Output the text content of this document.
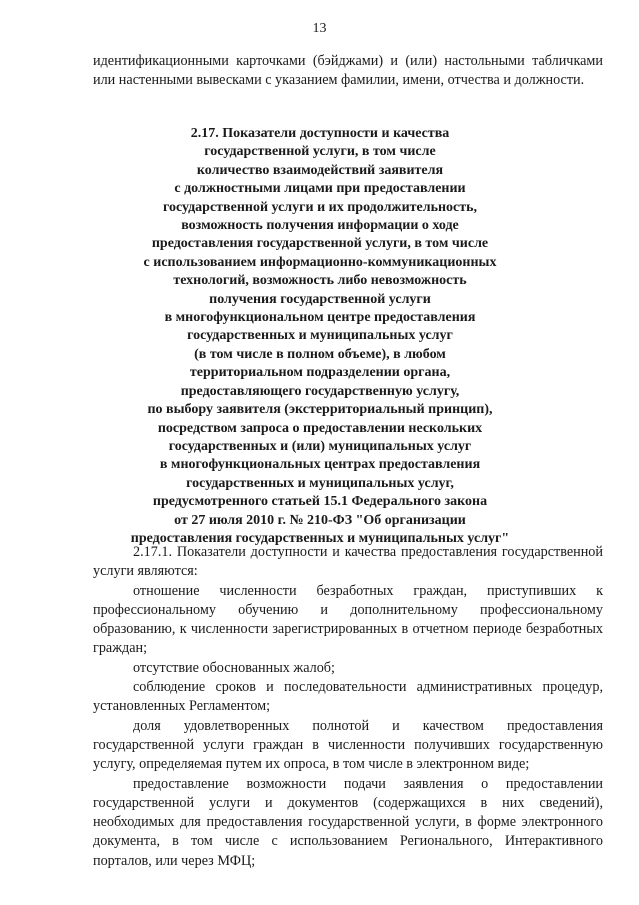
13
идентификационными карточками (бэйджами) и (или) настольными табличками или настенными вывесками с указанием фамилии, имени, отчества и должности.
2.17. Показатели доступности и качества
государственной услуги, в том числе
количество взаимодействий заявителя
с должностными лицами при предоставлении
государственной услуги и их продолжительность,
возможность получения информации о ходе
предоставления государственной услуги, в том числе
с использованием информационно-коммуникационных
технологий, возможность либо невозможность
получения государственной услуги
в многофункциональном центре предоставления
государственных и муниципальных услуг
(в том числе в полном объеме), в любом
территориальном подразделении органа,
предоставляющего государственную услугу,
по выбору заявителя (экстерриториальный принцип),
посредством запроса о предоставлении нескольких
государственных и (или) муниципальных услуг
в многофункциональных центрах предоставления
государственных и муниципальных услуг,
предусмотренного статьей 15.1 Федерального закона
от 27 июля 2010 г. № 210-ФЗ "Об организации
предоставления государственных и муниципальных услуг"

2.17.1. Показатели доступности и качества предоставления государственной услуги являются:

отношение численности безработных граждан, приступивших к профессиональному обучению и дополнительному профессиональному образованию, к численности зарегистрированных в отчетном периоде безработных граждан;

отсутствие обоснованных жалоб;

соблюдение сроков и последовательности административных процедур, установленных Регламентом;

доля удовлетворенных полнотой и качеством предоставления государственной услуги граждан в численности получивших государственную услугу, определяемая путем их опроса, в том числе в электронном виде;

предоставление возможности подачи заявления о предоставлении государственной услуги и документов (содержащихся в них сведений), необходимых для предоставления государственной услуги, в форме электронного документа, в том числе с использованием Регионального, Интерактивного порталов, или через МФЦ;
